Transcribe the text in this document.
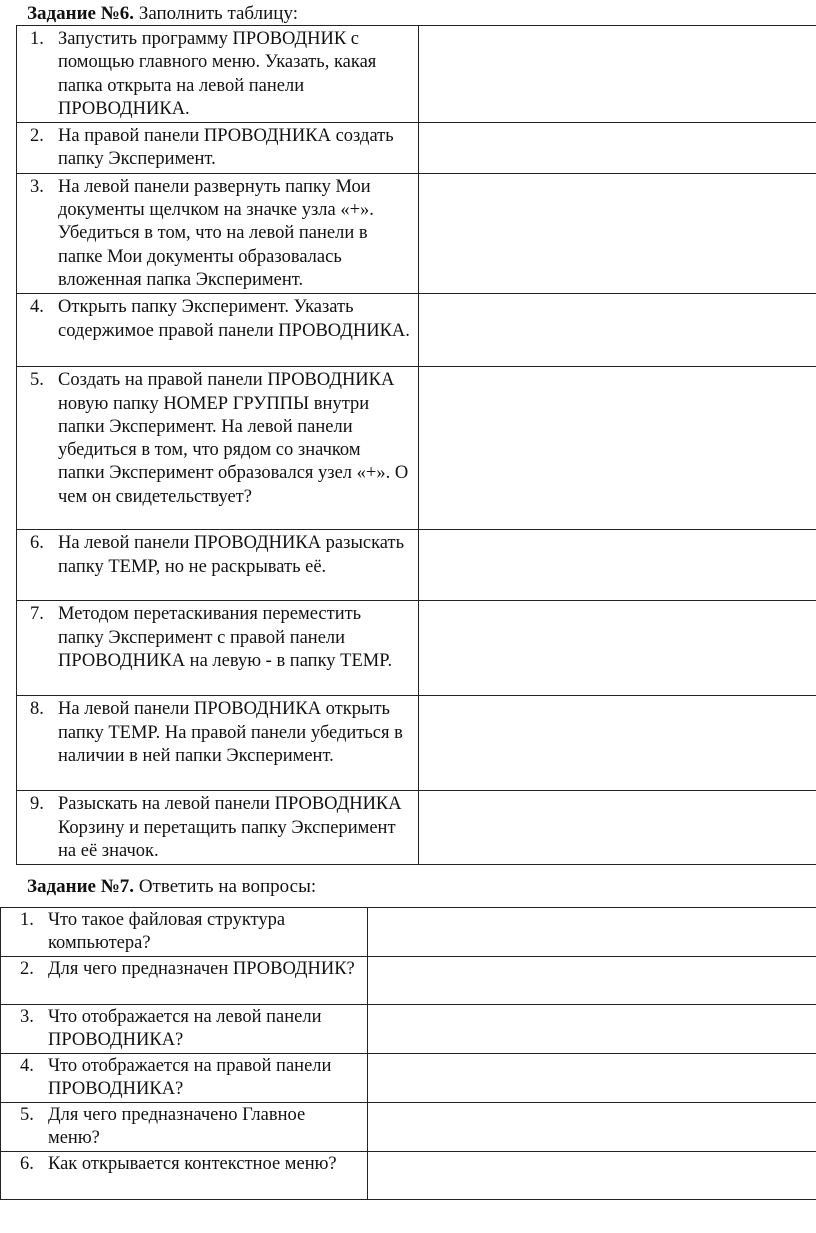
Задание №6. Заполнить таблицу:
1. Запустить программу ПРОВОДНИК с помощью главного меню. Указать, какая папка открыта на левой панели ПРОВОДНИКА.	

2. На правой панели ПРОВОДНИКА создать папку Эксперимент.	

3. На левой панели развернуть папку Мои документы щелчком на значке узла «+». Убедиться в том, что на левой панели в папке Мои документы образовалась вложенная папка Эксперимент.	

4. Открыть папку Эксперимент. Указать содержимое правой панели ПРОВОДНИКА.	

5. Создать на правой панели ПРОВОДНИКА новую папку НОМЕР ГРУППЫ внутри папки Эксперимент. На левой панели убедиться в том, что рядом со значком папки Эксперимент образовался узел «+». О чем он свидетельствует?	

6. На левой панели ПРОВОДНИКА разыскать папку TEMP, но не раскрывать её.	

7. Методом перетаскивания переместить папку Эксперимент с правой панели ПРОВОДНИКА на левую - в папку TEMP.	

8. На левой панели ПРОВОДНИКА открыть папку TEMP. На правой панели убедиться в наличии в ней папки Эксперимент.	

9. Разыскать на левой панели ПРОВОДНИКА Корзину и перетащить папку Эксперимент на её значок.	

Задание №7. Ответить на вопросы:
1. Что такое файловая структура компьютера?	

2. Для чего предназначен ПРОВОДНИК?	

3. Что отображается на левой панели ПРОВОДНИКА?	

4. Что отображается на правой панели ПРОВОДНИКА?	

5. Для чего предназначено Главное меню?	

6. Как открывается контекстное меню?	
